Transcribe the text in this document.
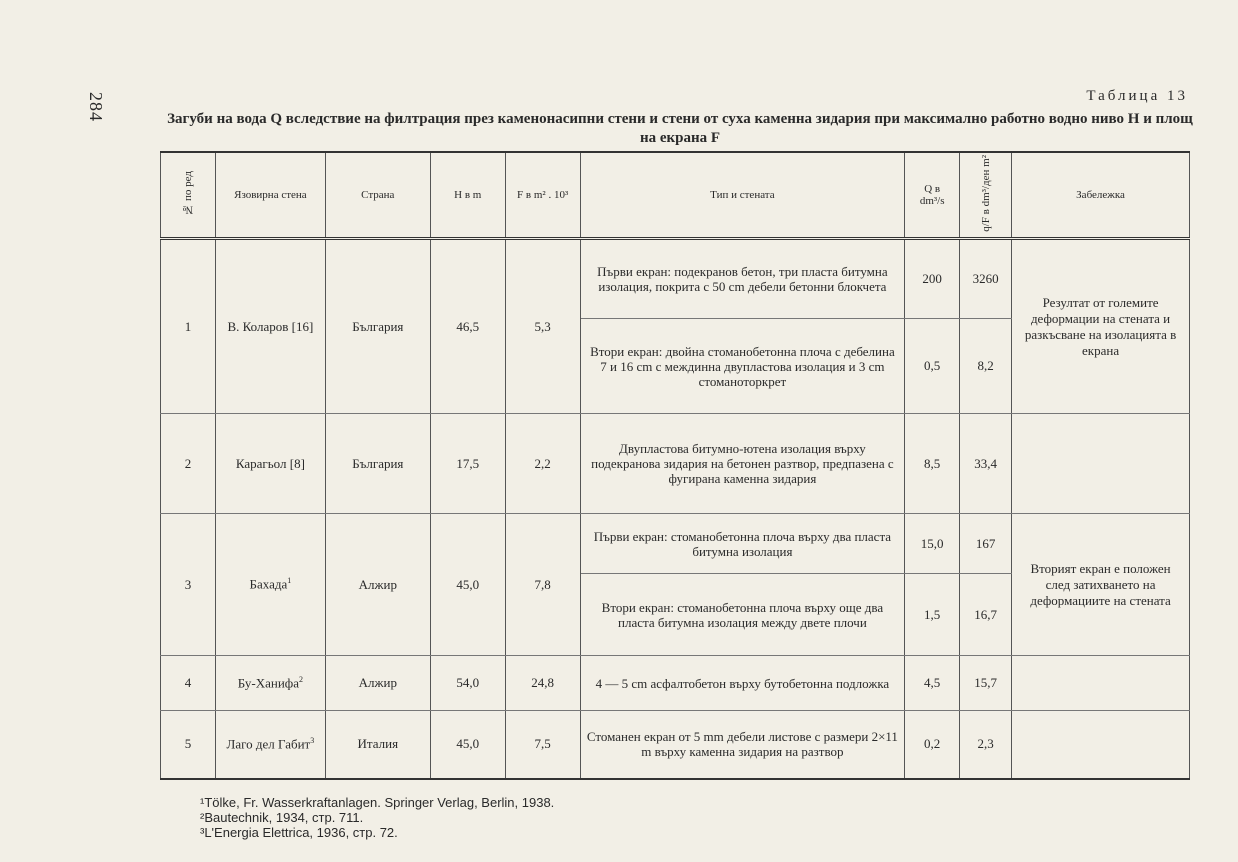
284	Таблица 13
Загуби на вода Q вследствие на филтрация през каменонасипни стени и стени от суха каменна зидария при максимално работно водно ниво H и площ на екрана F
№ по ред	Язовирна стена	Страна	H в m	F в m² . 10³	Тип и стената	Q в dm³/s	q/F в dm³/ден m²	Забележка
1	В. Коларов [16]	България	46,5	5,3	Първи екран: подекранов бетон, три пласта битумна изолация, покрита с 50 cm дебели бетонни блокчета	200	3260	Резултат от големите деформации на стената и разкъсване на изолацията в екрана
					Втори екран: двойна стоманобетонна плоча с дебелина 7 и 16 cm с междинна двупластова изолация и 3 cm стоманоторкрет	0,5	8,2	
2	Карагьол [8]	България	17,5	2,2	Двупластова битумно-ютена изолация върху подекранова зидария на бетонен разтвор, предпазена с фугирана каменна зидария	8,5	33,4	
3	Бахада$^1$	Алжир	45,0	7,8	Първи екран: стоманобетонна плоча върху два пласта битумна изолация	15,0	167	Вторият екран е положен след затихването на деформациите на стената
					Втори екран: стоманобетонна плоча върху още два пласта битумна изолация между двете плочи	1,5	16,7	
4	Бу-Ханифа$^2$	Алжир	54,0	24,8	4 — 5 cm асфалтобетон върху бутобетонна подложка	4,5	15,7	
5	Лаго дел Габит$^3$	Италия	45,0	7,5	Стоманен екран от 5 mm дебели листове с размери 2×11 m върху каменна зидария на разтвор	0,2	2,3	
¹Tölke, Fr. Wasserkraftanlagen. Springer Verlag, Berlin, 1938.
²Bautechnik, 1934, стр. 711.
³L'Energia Elettrica, 1936, стр. 72.
